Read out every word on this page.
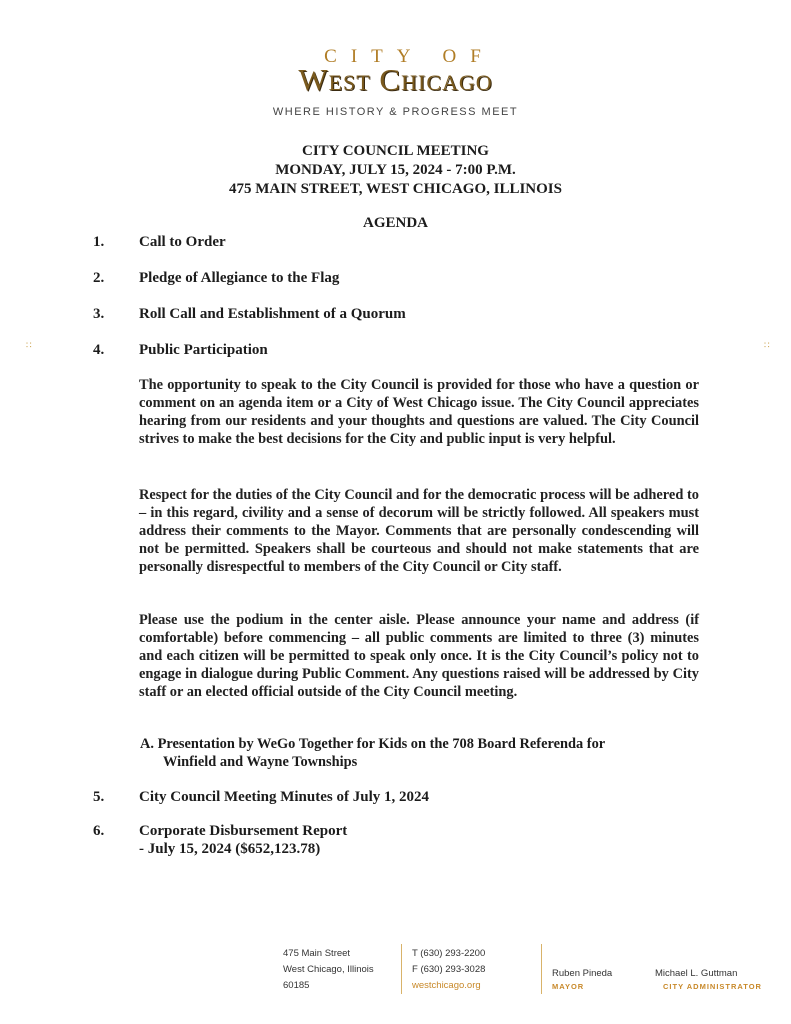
CITY OF
West Chicago
WHERE HISTORY & PROGRESS MEET
CITY COUNCIL MEETING
MONDAY, JULY 15, 2024 - 7:00 P.M.
475 MAIN STREET, WEST CHICAGO, ILLINOIS
AGENDA
1.	Call to Order
2.	Pledge of Allegiance to the Flag
3.	Roll Call and Establishment of a Quorum
4.	Public Participation
The opportunity to speak to the City Council is provided for those who have a question or comment on an agenda item or a City of West Chicago issue. The City Council appreciates hearing from our residents and your thoughts and questions are valued. The City Council strives to make the best decisions for the City and public input is very helpful.
Respect for the duties of the City Council and for the democratic process will be adhered to – in this regard, civility and a sense of decorum will be strictly followed. All speakers must address their comments to the Mayor. Comments that are personally condescending will not be permitted. Speakers shall be courteous and should not make statements that are personally disrespectful to members of the City Council or City staff.
Please use the podium in the center aisle. Please announce your name and address (if comfortable) before commencing – all public comments are limited to three (3) minutes and each citizen will be permitted to speak only once. It is the City Council’s policy not to engage in dialogue during Public Comment. Any questions raised will be addressed by City staff or an elected official outside of the City Council meeting.
A. Presentation by WeGo Together for Kids on the 708 Board Referenda for
Winfield and Wayne Townships
5.	City Council Meeting Minutes of July 1, 2024
6.	Corporate Disbursement Report
- July 15, 2024 ($652,123.78)
∷	∷
475 Main Street
West Chicago, Illinois
60185
T (630) 293-2200
F (630) 293-3028
westchicago.org
Ruben Pineda
MAYOR
Michael L. Guttman
CITY ADMINISTRATOR
